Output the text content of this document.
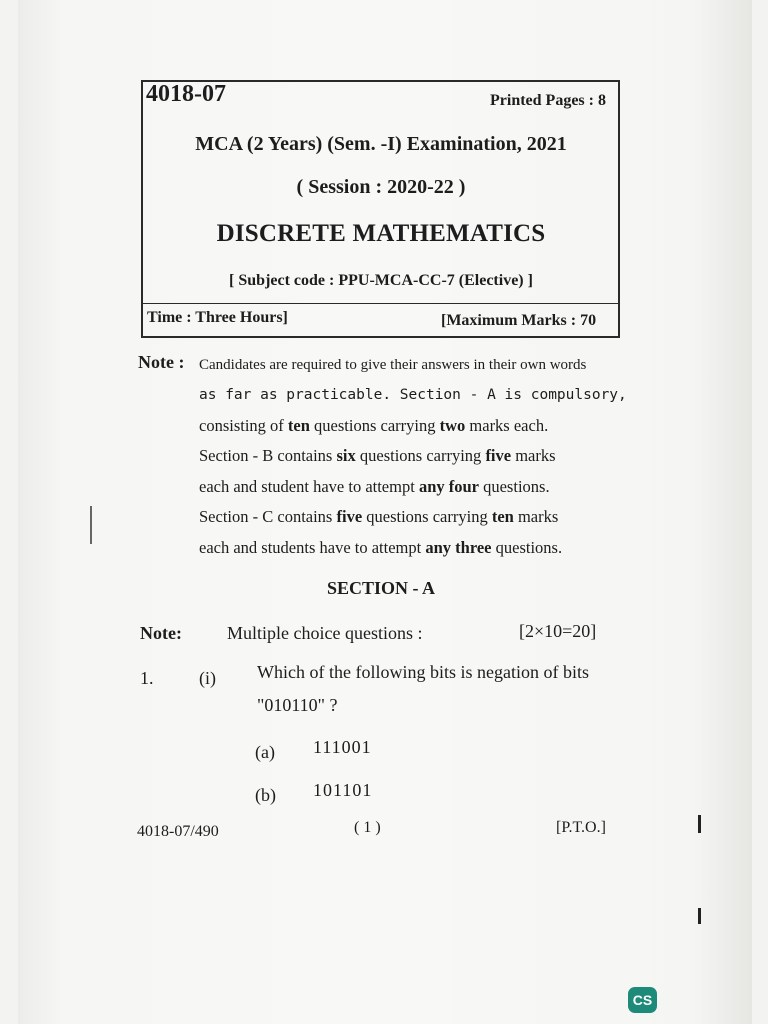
4018-07	Printed Pages : 8
MCA (2 Years) (Sem. -I) Examination, 2021
( Session : 2020-22 )
DISCRETE MATHEMATICS
[ Subject code : PPU-MCA-CC-7 (Elective) ]
Time : Three Hours]	[Maximum Marks : 70
Note : Candidates are required to give their answers in their own words
as far as practicable. Section - A is compulsory,
consisting of ten questions carrying two marks each.
Section - B contains six questions carrying five marks
each and student have to attempt any four questions.
Section - C contains five questions carrying ten marks
each and students have to attempt any three questions.
SECTION - A
Note:	Multiple choice questions :	[2×10=20]
1.	(i) Which of the following bits is negation of bits
"010110" ?
(a) 111001
(b) 101101
4018-07/490	( 1 )	[P.T.O.]
CS
